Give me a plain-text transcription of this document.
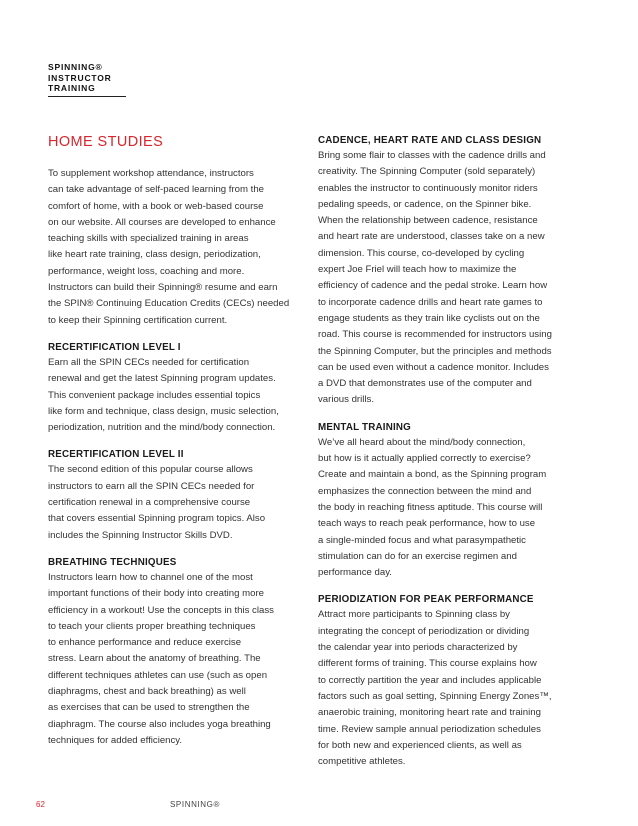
SPINNING®
INSTRUCTOR
TRAINING
HOME STUDIES

To supplement workshop attendance, instructors
can take advantage of self-paced learning from the
comfort of home, with a book or web-based course
on our website. All courses are developed to enhance
teaching skills with specialized training in areas
like heart rate training, class design, periodization,
performance, weight loss, coaching and more.
Instructors can build their Spinning® resume and earn
the SPIN® Continuing Education Credits (CECs) needed
to keep their Spinning certification current.

RECERTIFICATION LEVEL I

Earn all the SPIN CECs needed for certification
renewal and get the latest Spinning program updates.
This convenient package includes essential topics
like form and technique, class design, music selection,
periodization, nutrition and the mind/body connection.

RECERTIFICATION LEVEL II

The second edition of this popular course allows
instructors to earn all the SPIN CECs needed for
certification renewal in a comprehensive course
that covers essential Spinning program topics. Also
includes the Spinning Instructor Skills DVD.

BREATHING TECHNIQUES

Instructors learn how to channel one of the most
important functions of their body into creating more
efficiency in a workout! Use the concepts in this class
to teach your clients proper breathing techniques
to enhance performance and reduce exercise
stress. Learn about the anatomy of breathing. The
different techniques athletes can use (such as open
diaphragms, chest and back breathing) as well
as exercises that can be used to strengthen the
diaphragm. The course also includes yoga breathing
techniques for added efficiency.

CADENCE, HEART RATE AND CLASS DESIGN

Bring some flair to classes with the cadence drills and
creativity. The Spinning Computer (sold separately)
enables the instructor to continuously monitor riders
pedaling speeds, or cadence, on the Spinner bike.
When the relationship between cadence, resistance
and heart rate are understood, classes take on a new
dimension. This course, co-developed by cycling
expert Joe Friel will teach how to maximize the
efficiency of cadence and the pedal stroke. Learn how
to incorporate cadence drills and heart rate games to
engage students as they train like cyclists out on the
road. This course is recommended for instructors using
the Spinning Computer, but the principles and methods
can be used even without a cadence monitor. Includes
a DVD that demonstrates use of the computer and
various drills.

MENTAL TRAINING

We’ve all heard about the mind/body connection,
but how is it actually applied correctly to exercise?
Create and maintain a bond, as the Spinning program
emphasizes the connection between the mind and
the body in reaching fitness aptitude. This course will
teach ways to reach peak performance, how to use
a single-minded focus and what parasympathetic
stimulation can do for an exercise regimen and
performance day.

PERIODIZATION FOR PEAK PERFORMANCE

Attract more participants to Spinning class by
integrating the concept of periodization or dividing
the calendar year into periods characterized by
different forms of training. This course explains how
to correctly partition the year and includes applicable
factors such as goal setting, Spinning Energy Zones™,
anaerobic training, monitoring heart rate and training
time. Review sample annual periodization schedules
for both new and experienced clients, as well as
competitive athletes.

62	SPINNING®
